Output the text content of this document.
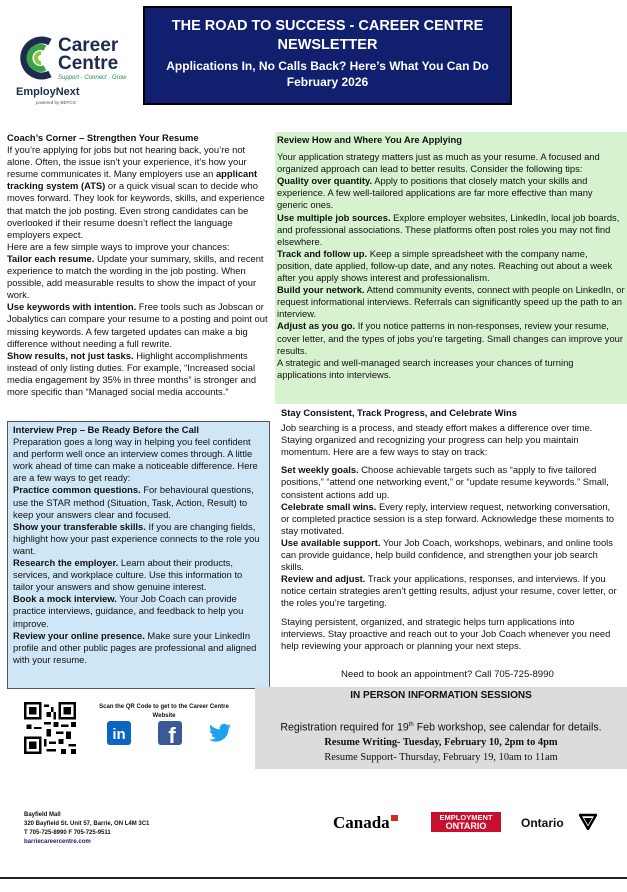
Career
Centre
Support · Connect · Grow
EmployNext
powered by BEFCG
THE ROAD TO SUCCESS - CAREER CENTRE
NEWSLETTER
Applications In, No Calls Back? Here’s What You Can Do
February 2026

Coach’s Corner – Strengthen Your Resume

If you’re applying for jobs but not hearing back, you’re not alone. Often, the issue isn’t your experience, it’s how your resume communicates it. Many employers use an applicant tracking system (ATS) or a quick visual scan to decide who moves forward. They look for keywords, skills, and experience that match the job posting. Even strong candidates can be overlooked if their resume doesn’t reflect the language employers expect.

Here are a few simple ways to improve your chances:

Tailor each resume. Update your summary, skills, and recent experience to match the wording in the job posting. When possible, add measurable results to show the impact of your work.

Use keywords with intention. Free tools such as Jobscan or Jobalytics can compare your resume to a posting and point out missing keywords. A few targeted updates can make a big difference without needing a full rewrite.

Show results, not just tasks. Highlight accomplishments instead of only listing duties. For example, “Increased social media engagement by 35% in three months” is stronger and more specific than “Managed social media accounts.”

Review How and Where You Are Applying

Your application strategy matters just as much as your resume. A focused and organized approach can lead to better results. Consider the following tips:

Quality over quantity. Apply to positions that closely match your skills and experience. A few well-tailored applications are far more effective than many generic ones.

Use multiple job sources. Explore employer websites, LinkedIn, local job boards, and professional associations. These platforms often post roles you may not find elsewhere.

Track and follow up. Keep a simple spreadsheet with the company name, position, date applied, follow-up date, and any notes. Reaching out about a week after you apply shows interest and professionalism.

Build your network. Attend community events, connect with people on LinkedIn, or request informational interviews. Referrals can significantly speed up the path to an interview.

Adjust as you go. If you notice patterns in non-responses, review your resume, cover letter, and the types of jobs you’re targeting. Small changes can improve your results.

A strategic and well-managed search increases your chances of turning applications into interviews.

Interview Prep – Be Ready Before the Call

Preparation goes a long way in helping you feel confident and perform well once an interview comes through. A little work ahead of time can make a noticeable difference. Here are a few ways to get ready:

Practice common questions. For behavioural questions, use the STAR method (Situation, Task, Action, Result) to keep your answers clear and focused.

Show your transferable skills. If you are changing fields, highlight how your past experience connects to the role you want.

Research the employer. Learn about their products, services, and workplace culture. Use this information to tailor your answers and show genuine interest.

Book a mock interview. Your Job Coach can provide practice interviews, guidance, and feedback to help you improve.

Review your online presence. Make sure your LinkedIn profile and other public pages are professional and aligned with your resume.

Stay Consistent, Track Progress, and Celebrate Wins

Job searching is a process, and steady effort makes a difference over time. Staying organized and recognizing your progress can help you maintain momentum. Here are a few ways to stay on track:

Set weekly goals. Choose achievable targets such as “apply to five tailored positions,” “attend one networking event,” or “update resume keywords.” Small, consistent actions add up.

Celebrate small wins. Every reply, interview request, networking conversation, or completed practice session is a step forward. Acknowledge these moments to stay motivated.

Use available support. Your Job Coach, workshops, webinars, and online tools can provide guidance, help build confidence, and strengthen your job search skills.

Review and adjust. Track your applications, responses, and interviews. If you notice certain strategies aren’t getting results, adjust your resume, cover letter, or the roles you’re targeting.

Staying persistent, organized, and strategic helps turn applications into interviews. Stay proactive and reach out to your Job Coach whenever you need help reviewing your approach or planning your next steps.

Need to book an appointment? Call 705-725-8990
Scan the QR Code to get to the Career Centre Website
in f
IN PERSON INFORMATION SESSIONS
Registration required for 19th Feb workshop, see calendar for details.
Resume Writing- Tuesday, February 10, 2pm to 4pm
Resume Support- Thursday, February 19, 10am to 11am
Bayfield Mall
320 Bayfield St. Unit 57, Barrie, ON L4M 3C1
T 705-725-8990 F 705-725-9511
barriecareercentre.com
Canada	EMPLOYMENT
ONTARIO	Ontario
